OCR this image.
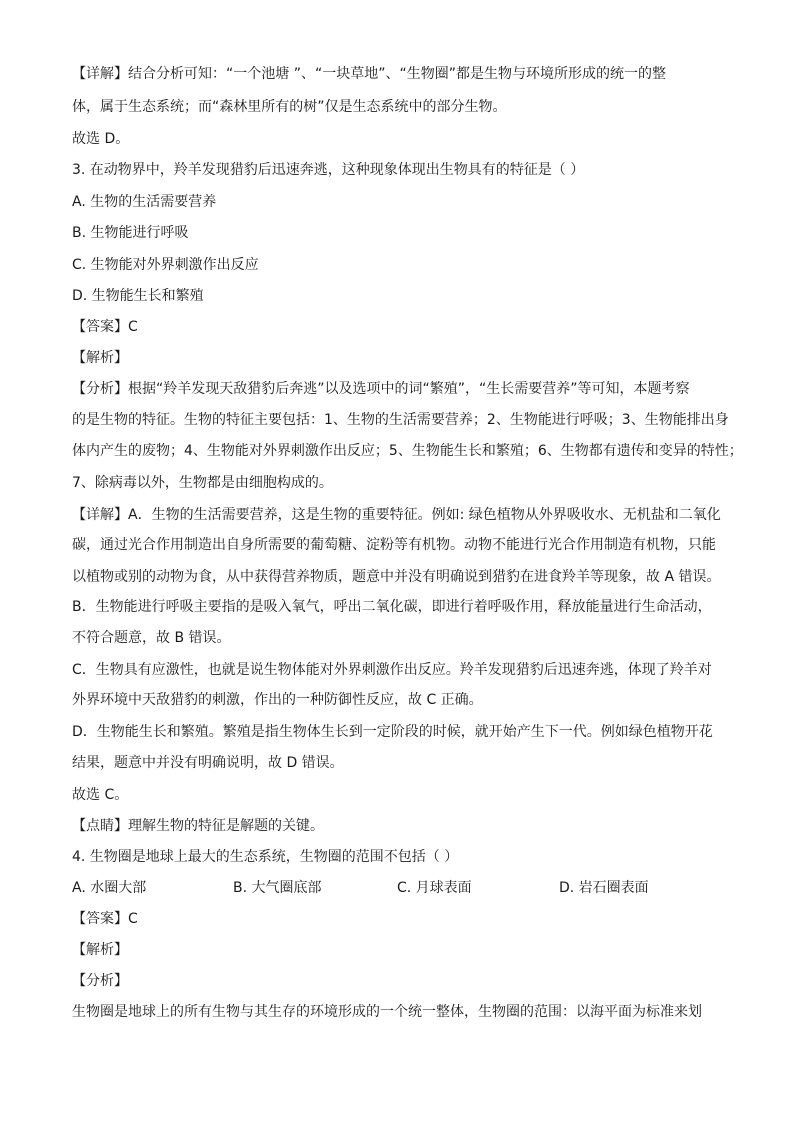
【详解】结合分析可知：“一个池塘 ”、“一块草地”、“生物圈”都是生物与环境所形成的统一的整
体，属于生态系统；而“森林里所有的树”仅是生态系统中的部分生物。
故选 D。
3. 在动物界中，羚羊发现猎豹后迅速奔逃，这种现象体现出生物具有的特征是（ ）
A. 生物的生活需要营养
B. 生物能进行呼吸
C. 生物能对外界刺激作出反应
D. 生物能生长和繁殖
【答案】C
【解析】
【分析】根据“羚羊发现天敌猎豹后奔逃”以及选项中的词“繁殖”，“生长需要营养”等可知，本题考察
的是生物的特征。生物的特征主要包括：1、生物的生活需要营养；2、生物能进行呼吸；3、生物能排出身
体内产生的废物；4、生物能对外界刺激作出反应；5、生物能生长和繁殖；6、生物都有遗传和变异的特性；
7、除病毒以外，生物都是由细胞构成的。
【详解】A．生物的生活需要营养，这是生物的重要特征。例如: 绿色植物从外界吸收水、无机盐和二氧化
碳，通过光合作用制造出自身所需要的葡萄糖、淀粉等有机物。动物不能进行光合作用制造有机物，只能
以植物或别的动物为食，从中获得营养物质，题意中并没有明确说到猎豹在进食羚羊等现象，故 A 错误。
B．生物能进行呼吸主要指的是吸入氧气，呼出二氧化碳，即进行着呼吸作用，释放能量进行生命活动，
不符合题意，故 B 错误。
C．生物具有应激性，也就是说生物体能对外界刺激作出反应。羚羊发现猎豹后迅速奔逃，体现了羚羊对
外界环境中天敌猎豹的刺激，作出的一种防御性反应，故 C 正确。
D．生物能生长和繁殖。繁殖是指生物体生长到一定阶段的时候，就开始产生下一代。例如绿色植物开花
结果，题意中并没有明确说明，故 D 错误。
故选 C。
【点睛】理解生物的特征是解题的关键。
4. 生物圈是地球上最大的生态系统，生物圈的范围不包括（ ）
A. 水圈大部	B. 大气圈底部	C. 月球表面	D. 岩石圈表面
【答案】C
【解析】
【分析】
生物圈是地球上的所有生物与其生存的环境形成的一个统一整体，生物圈的范围：以海平面为标准来划
